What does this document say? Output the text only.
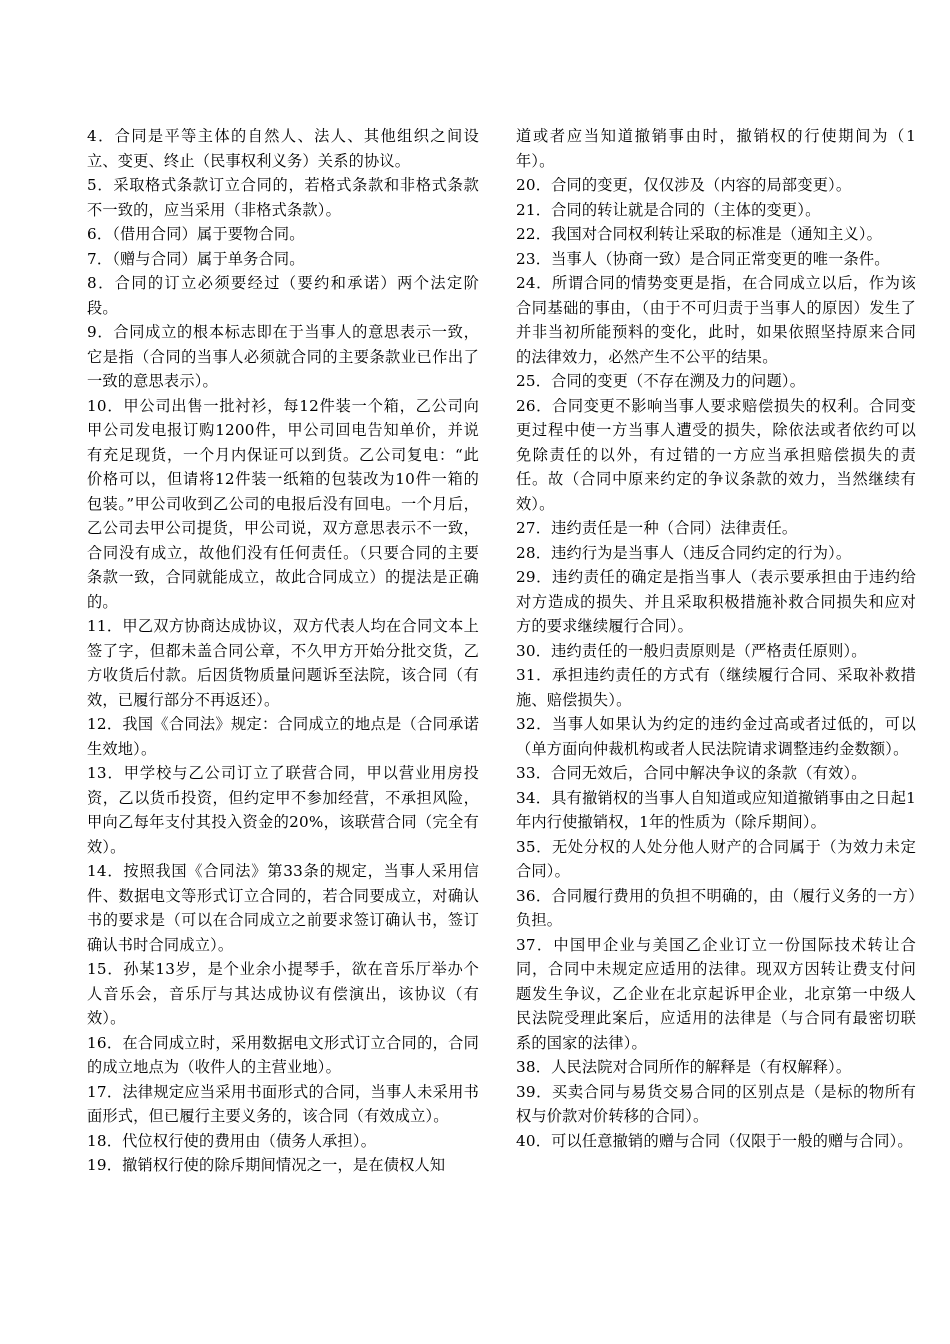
4．合同是平等主体的自然人、法人、其他组织之间设立、变更、终止（民事权利义务）关系的协议。

5．采取格式条款订立合同的，若格式条款和非格式条款不一致的，应当采用（非格式条款）。

6．（借用合同）属于要物合同。

7．（赠与合同）属于单务合同。

8．合同的订立必须要经过（要约和承诺）两个法定阶段。

9．合同成立的根本标志即在于当事人的意思表示一致，它是指（合同的当事人必须就合同的主要条款业已作出了一致的意思表示）。

10．甲公司出售一批衬衫，每12件装一个箱，乙公司向甲公司发电报订购1200件，甲公司回电告知单价，并说有充足现货，一个月内保证可以到货。乙公司复电：“此价格可以，但请将12件装一纸箱的包装改为10件一箱的包装。”甲公司收到乙公司的电报后没有回电。一个月后，乙公司去甲公司提货，甲公司说，双方意思表示不一致，合同没有成立，故他们没有任何责任。（只要合同的主要条款一致，合同就能成立，故此合同成立）的提法是正确的。

11．甲乙双方协商达成协议，双方代表人均在合同文本上签了字，但都未盖合同公章，不久甲方开始分批交货，乙方收货后付款。后因货物质量问题诉至法院，该合同（有效，已履行部分不再返还）。

12．我国《合同法》规定：合同成立的地点是（合同承诺生效地）。

13．甲学校与乙公司订立了联营合同，甲以营业用房投资，乙以货币投资，但约定甲不参加经营，不承担风险，甲向乙每年支付其投入资金的20%，该联营合同（完全有效）。

14．按照我国《合同法》第33条的规定，当事人采用信件、数据电文等形式订立合同的，若合同要成立，对确认书的要求是（可以在合同成立之前要求签订确认书，签订确认书时合同成立）。

15．孙某13岁，是个业余小提琴手，欲在音乐厅举办个人音乐会，音乐厅与其达成协议有偿演出，该协议（有效）。

16．在合同成立时，采用数据电文形式订立合同的，合同的成立地点为（收件人的主营业地）。

17．法律规定应当采用书面形式的合同，当事人未采用书面形式，但已履行主要义务的，该合同（有效成立）。

18．代位权行使的费用由（债务人承担）。

19．撤销权行使的除斥期间情况之一，是在债权人知

道或者应当知道撤销事由时，撤销权的行使期间为（1年）。

20．合同的变更，仅仅涉及（内容的局部变更）。

21．合同的转让就是合同的（主体的变更）。

22．我国对合同权利转让采取的标准是（通知主义）。

23．当事人（协商一致）是合同正常变更的唯一条件。

24．所谓合同的情势变更是指，在合同成立以后，作为该合同基础的事由，（由于不可归责于当事人的原因）发生了并非当初所能预料的变化，此时，如果依照坚持原来合同的法律效力，必然产生不公平的结果。

25．合同的变更（不存在溯及力的问题）。

26．合同变更不影响当事人要求赔偿损失的权利。合同变更过程中使一方当事人遭受的损失，除依法或者依约可以免除责任的以外，有过错的一方应当承担赔偿损失的责任。故（合同中原来约定的争议条款的效力，当然继续有效）。

27．违约责任是一种（合同）法律责任。

28．违约行为是当事人（违反合同约定的行为）。

29．违约责任的确定是指当事人（表示要承担由于违约给对方造成的损失、并且采取积极措施补救合同损失和应对方的要求继续履行合同）。

30．违约责任的一般归责原则是（严格责任原则）。

31．承担违约责任的方式有（继续履行合同、采取补救措施、赔偿损失）。

32．当事人如果认为约定的违约金过高或者过低的，可以（单方面向仲裁机构或者人民法院请求调整违约金数额）。

33．合同无效后，合同中解决争议的条款（有效）。

34．具有撤销权的当事人自知道或应知道撤销事由之日起1年内行使撤销权，1年的性质为（除斥期间）。

35．无处分权的人处分他人财产的合同属于（为效力未定合同）。

36．合同履行费用的负担不明确的，由（履行义务的一方）负担。

37．中国甲企业与美国乙企业订立一份国际技术转让合同，合同中未规定应适用的法律。现双方因转让费支付问题发生争议，乙企业在北京起诉甲企业，北京第一中级人民法院受理此案后，应适用的法律是（与合同有最密切联系的国家的法律）。

38．人民法院对合同所作的解释是（有权解释）。

39．买卖合同与易货交易合同的区别点是（是标的物所有权与价款对价转移的合同）。

40．可以任意撤销的赠与合同（仅限于一般的赠与合同）。
